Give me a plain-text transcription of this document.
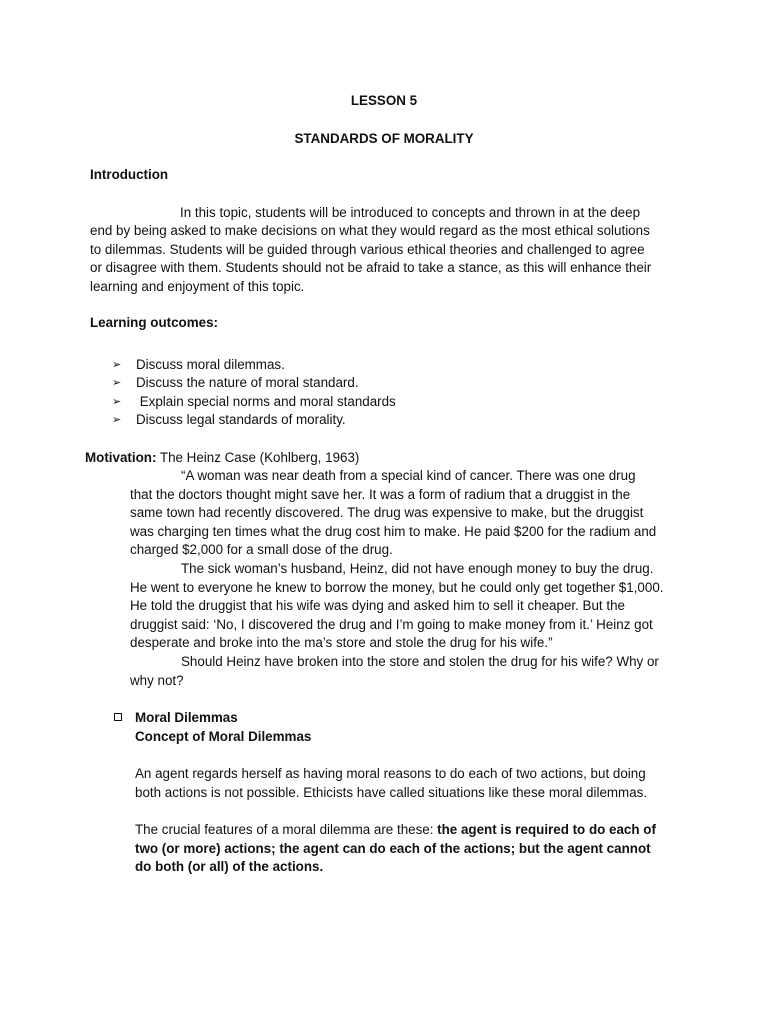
LESSON 5
STANDARDS OF MORALITY
Introduction
In this topic, students will be introduced to concepts and thrown in at the deep
end by being asked to make decisions on what they would regard as the most ethical solutions
to dilemmas. Students will be guided through various ethical theories and challenged to agree
or disagree with them. Students should not be afraid to take a stance, as this will enhance their
learning and enjoyment of this topic.
Learning outcomes:
➢ Discuss moral dilemmas.
➢ Discuss the nature of moral standard.
➢ Explain special norms and moral standards
➢ Discuss legal standards of morality.
Motivation: The Heinz Case (Kohlberg, 1963)
“A woman was near death from a special kind of cancer. There was one drug
that the doctors thought might save her. It was a form of radium that a druggist in the
same town had recently discovered. The drug was expensive to make, but the druggist
was charging ten times what the drug cost him to make. He paid $200 for the radium and
charged $2,000 for a small dose of the drug.
The sick woman’s husband, Heinz, did not have enough money to buy the drug.
He went to everyone he knew to borrow the money, but he could only get together $1,000.
He told the druggist that his wife was dying and asked him to sell it cheaper. But the
druggist said: ‘No, I discovered the drug and I’m going to make money from it.’ Heinz got
desperate and broke into the ma’s store and stole the drug for his wife.”
Should Heinz have broken into the store and stolen the drug for his wife? Why or
why not?
Moral Dilemmas
Concept of Moral Dilemmas
An agent regards herself as having moral reasons to do each of two actions, but doing
both actions is not possible. Ethicists have called situations like these moral dilemmas.
The crucial features of a moral dilemma are these: the agent is required to do each of
two (or more) actions; the agent can do each of the actions; but the agent cannot
do both (or all) of the actions.
